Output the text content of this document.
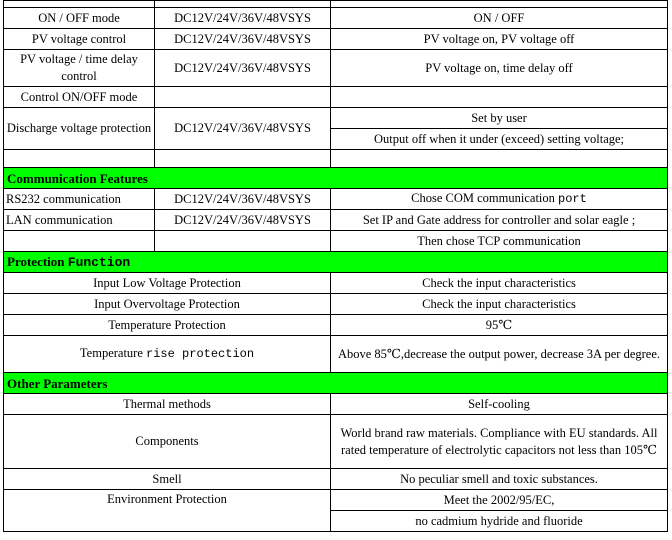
ON / OFF mode	DC12V/24V/36V/48VSYS	ON / OFF
PV voltage control	DC12V/24V/36V/48VSYS	PV voltage on, PV voltage off
PV voltage / time delay control	DC12V/24V/36V/48VSYS	PV voltage on, time delay off
Control ON/OFF mode		
Discharge voltage protection	DC12V/24V/36V/48VSYS	Set by user
		Output off when it under (exceed) setting voltage;

Communication Features		
RS232 communication	DC12V/24V/36V/48VSYS	Chose COM communication port
LAN communication	DC12V/24V/36V/48VSYS	Set IP and Gate address for controller and solar eagle ;
		Then chose TCP communication
Protection Function		
Input Low Voltage Protection		Check the input characteristics
Input Overvoltage Protection		Check the input characteristics
Temperature Protection		95℃
Temperature rise protection		Above 85℃,decrease the output power, decrease 3A per degree.
Other Parameters		
Thermal methods		Self-cooling
Components		World brand raw materials. Compliance with EU standards. All rated temperature of electrolytic capacitors not less than 105℃
Smell		No peculiar smell and toxic substances.
Environment Protection		Meet the 2002/95/EC,
		no cadmium hydride and fluoride
